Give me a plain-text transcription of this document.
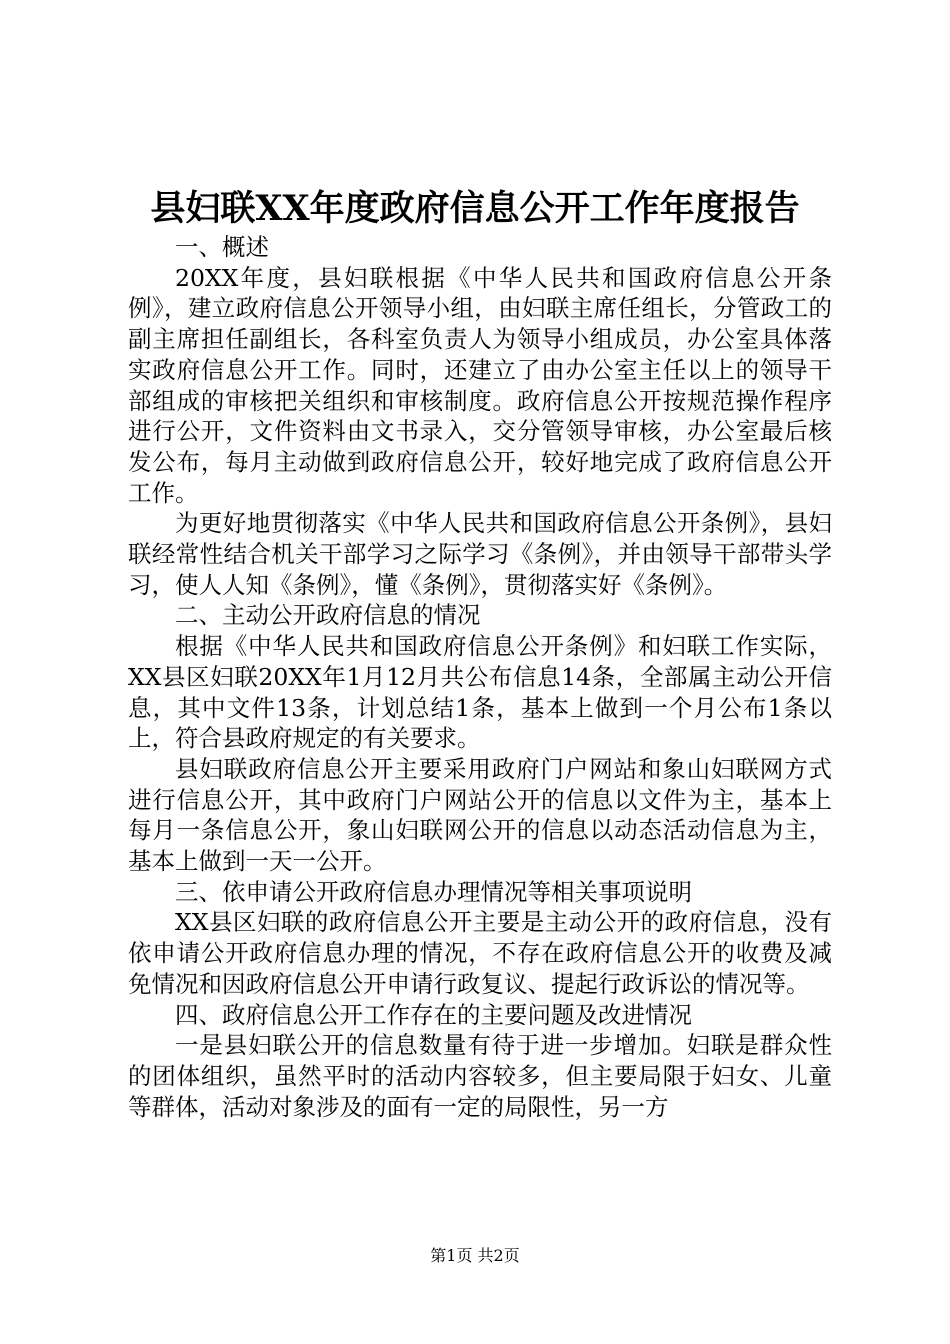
县妇联XX年度政府信息公开工作年度报告

一、概述

20XX年度，县妇联根据《中华人民共和国政府信息公开条例》，建立政府信息公开领导小组，由妇联主席任组长，分管政工的副主席担任副组长，各科室负责人为领导小组成员，办公室具体落实政府信息公开工作。同时，还建立了由办公室主任以上的领导干部组成的审核把关组织和审核制度。政府信息公开按规范操作程序进行公开，文件资料由文书录入，交分管领导审核，办公室最后核发公布，每月主动做到政府信息公开，较好地完成了政府信息公开工作。

为更好地贯彻落实《中华人民共和国政府信息公开条例》，县妇联经常性结合机关干部学习之际学习《条例》，并由领导干部带头学习，使人人知《条例》，懂《条例》，贯彻落实好《条例》。

二、主动公开政府信息的情况

根据《中华人民共和国政府信息公开条例》和妇联工作实际，XX县区妇联20XX年1月12月共公布信息14条，全部属主动公开信息，其中文件13条，计划总结1条，基本上做到一个月公布1条以上，符合县政府规定的有关要求。

县妇联政府信息公开主要采用政府门户网站和象山妇联网方式进行信息公开，其中政府门户网站公开的信息以文件为主，基本上每月一条信息公开，象山妇联网公开的信息以动态活动信息为主，基本上做到一天一公开。

三、依申请公开政府信息办理情况等相关事项说明

XX县区妇联的政府信息公开主要是主动公开的政府信息，没有依申请公开政府信息办理的情况，不存在政府信息公开的收费及减免情况和因政府信息公开申请行政复议、提起行政诉讼的情况等。

四、政府信息公开工作存在的主要问题及改进情况

一是县妇联公开的信息数量有待于进一步增加。妇联是群众性的团体组织，虽然平时的活动内容较多，但主要局限于妇女、儿童等群体，活动对象涉及的面有一定的局限性，另一方

第1页 共2页
